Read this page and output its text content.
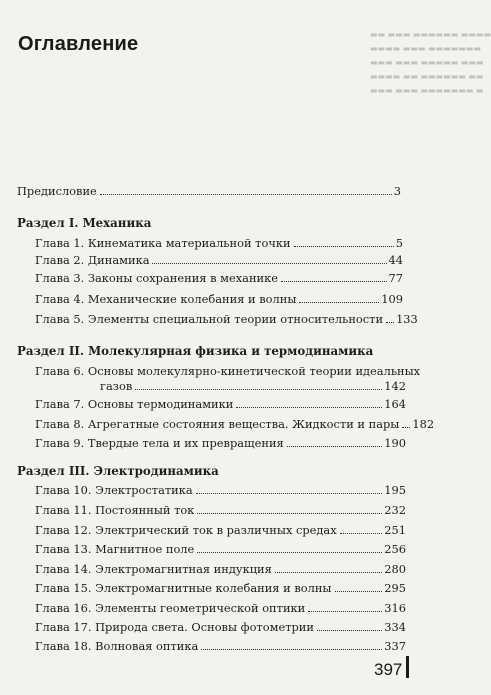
Оглавление	▬▬ ▬▬▬ ▬▬▬▬▬▬ ▬▬▬▬
▬▬▬▬ ▬▬▬ ▬▬▬▬▬▬▬
▬▬▬ ▬▬▬ ▬▬▬▬▬ ▬▬▬
▬▬▬▬ ▬▬ ▬▬▬▬▬▬ ▬▬
▬▬▬ ▬▬▬ ▬▬▬▬▬▬▬ ▬
Предисловие	3
Раздел I. Механика
Глава 1. Кинематика материальной точки	5
Глава 2. Динамика	44
Глава 3. Законы сохранения в механике	77
Глава 4. Механические колебания и волны	109
Глава 5. Элементы специальной теории относительности 133
Раздел II. Молекулярная физика и термодинамика
Глава 6. Основы молекулярно-кинетической теории идеальных
газов	142
Глава 7. Основы термодинамики	164
Глава 8. Агрегатные состояния вещества. Жидкости и пары 182
Глава 9. Твердые тела и их превращения	190
Раздел III. Электродинамика
Глава 10. Электростатика	195
Глава 11. Постоянный ток	232
Глава 12. Электрический ток в различных средах	251
Глава 13. Магнитное поле	256
Глава 14. Электромагнитная индукция	280
Глава 15. Электромагнитные колебания и волны	295
Глава 16. Элементы геометрической оптики	316
Глава 17. Природа света. Основы фотометрии	334
Глава 18. Волновая оптика	337
397
